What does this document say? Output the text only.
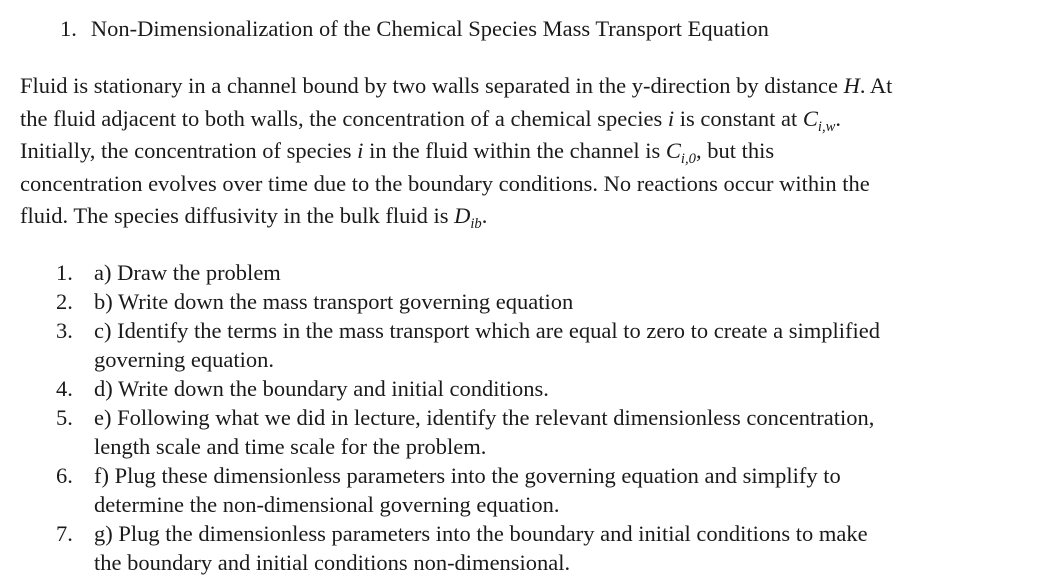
1. Non-Dimensionalization of the Chemical Species Mass Transport Equation
Fluid is stationary in a channel bound by two walls separated in the y-direction by distance H. At
the fluid adjacent to both walls, the concentration of a chemical species i is constant at $C_{i,w}$.
Initially, the concentration of species i in the fluid within the channel is $C_{i,0}$, but this
concentration evolves over time due to the boundary conditions. No reactions occur within the
fluid. The species diffusivity in the bulk fluid is $D_{ib}$.
1. a) Draw the problem
2. b) Write down the mass transport governing equation
3. c) Identify the terms in the mass transport which are equal to zero to create a simplified
governing equation.
4. d) Write down the boundary and initial conditions.
5. e) Following what we did in lecture, identify the relevant dimensionless concentration,
length scale and time scale for the problem.
6. f) Plug these dimensionless parameters into the governing equation and simplify to
determine the non-dimensional governing equation.
7. g) Plug the dimensionless parameters into the boundary and initial conditions to make
the boundary and initial conditions non-dimensional.
